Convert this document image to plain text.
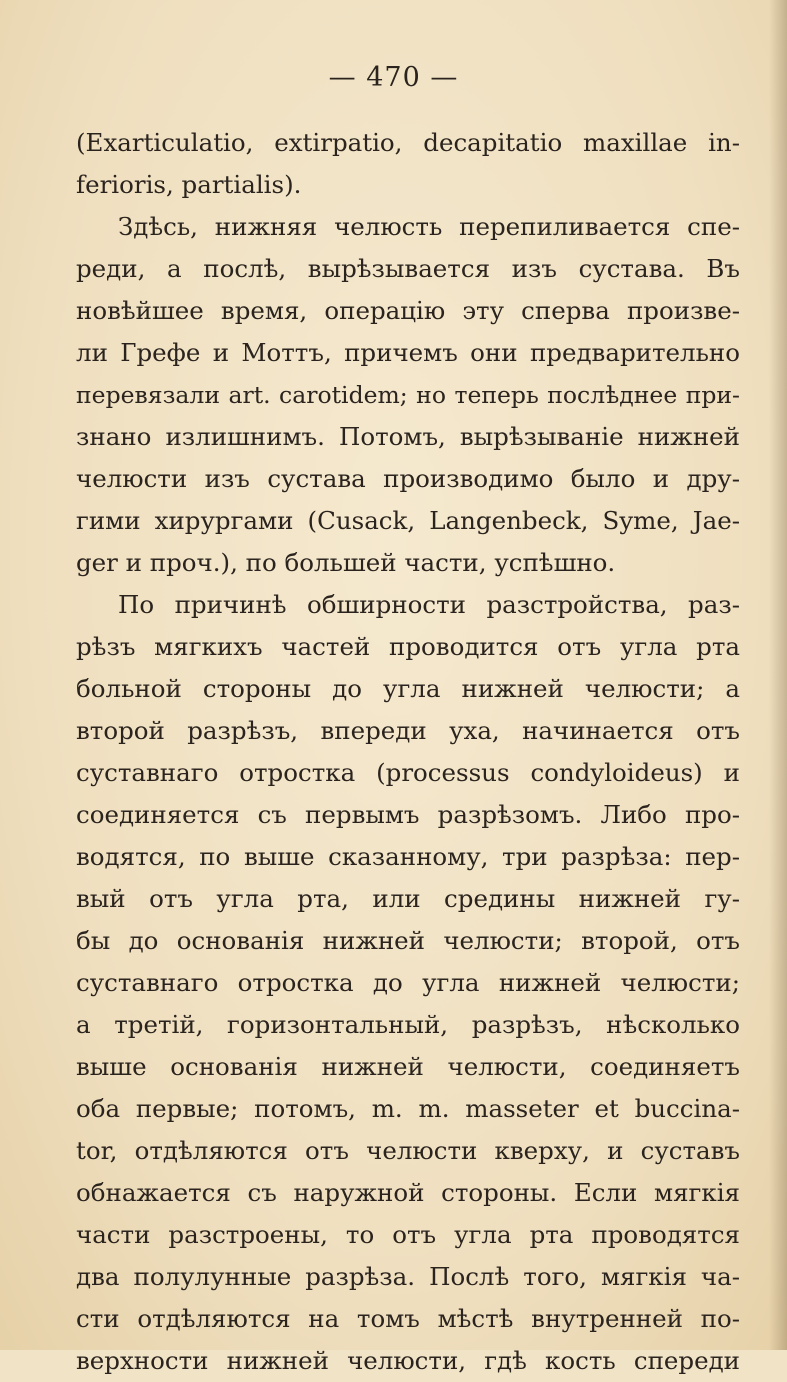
— 470 —
(Exarticulatio, extirpatio, decapitatio maxillae in-
ferioris, partialis).
Здѣсь, нижняя челюсть перепиливается спе-
реди, а послѣ, вырѣзывается изъ сустава. Въ
новѣйшее время, операцію эту сперва произве-
ли Грефе и Моттъ, причемъ они предварительно
перевязали art. carotidem; но теперь послѣднее при-
знано излишнимъ. Потомъ, вырѣзываніе нижней
челюсти изъ сустава производимо было и дру-
гими хирургами (Cusack, Langenbeck, Syme, Jae-
ger и проч.), по большей части, успѣшно.
По причинѣ обширности разстройства, раз-
рѣзъ мягкихъ частей проводится отъ угла рта
больной стороны до угла нижней челюсти; а
второй разрѣзъ, впереди уха, начинается отъ
суставнаго отростка (processus condyloideus) и
соединяется съ первымъ разрѣзомъ. Либо про-
водятся, по выше сказанному, три разрѣза: пер-
вый отъ угла рта, или средины нижней гу-
бы до основанія нижней челюсти; второй, отъ
суставнаго отростка до угла нижней челюсти;
а третій, горизонтальный, разрѣзъ, нѣсколько
выше основанія нижней челюсти, соединяетъ
оба первые; потомъ, m. m. masseter et buccina-
tor, отдѣляются отъ челюсти кверху, и суставъ
обнажается съ наружной стороны. Если мягкія
части разстроены, то отъ угла рта проводятся
два полулунные разрѣза. Послѣ того, мягкія ча-
сти отдѣляются на томъ мѣстѣ внутренней по-
верхности нижней челюсти, гдѣ кость спереди
